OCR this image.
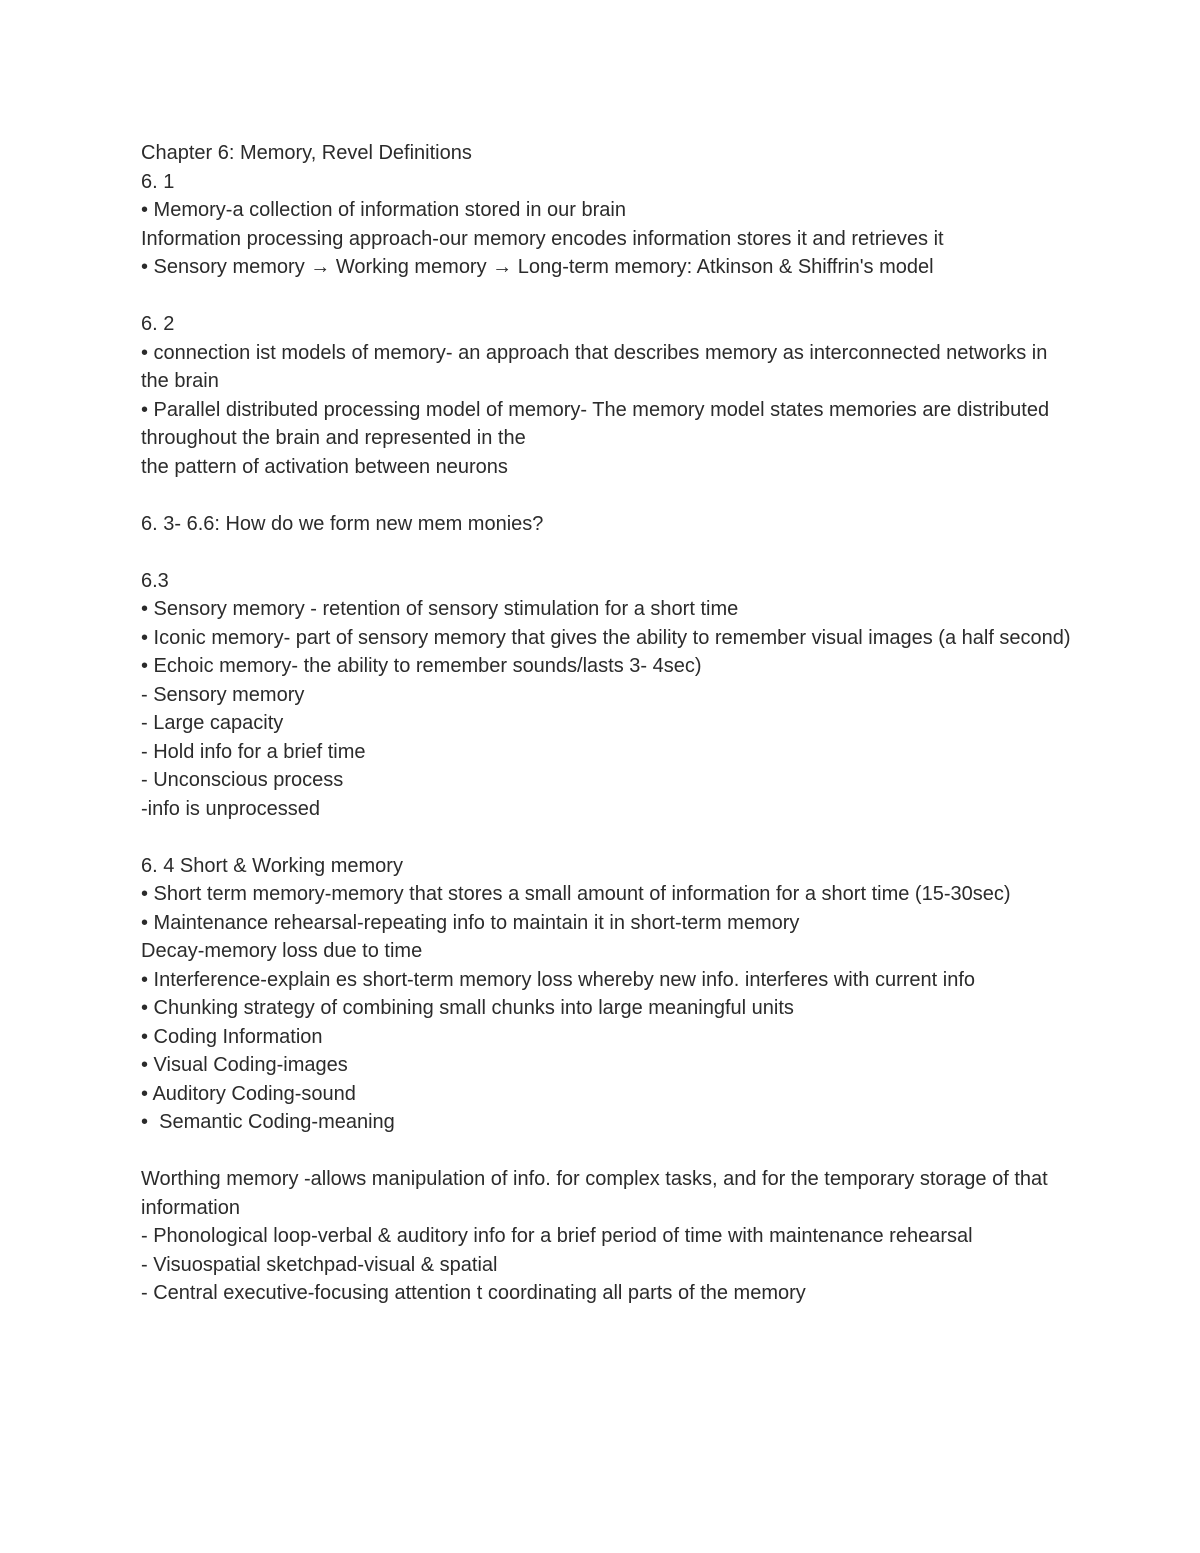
Chapter 6: Memory, Revel Definitions
6. 1
• Memory-a collection of information stored in our brain
Information processing approach-our memory encodes information stores it and retrieves it
• Sensory memory → Working memory → Long-term memory: Atkinson & Shiffrin's model
6. 2
• connection ist models of memory- an approach that describes memory as interconnected networks in the brain
• Parallel distributed processing model of memory- The memory model states memories are distributed throughout the brain and represented in the
the pattern of activation between neurons
6. 3- 6.6: How do we form new mem monies?
6.3
• Sensory memory - retention of sensory stimulation for a short time
• Iconic memory- part of sensory memory that gives the ability to remember visual images (a half second)
• Echoic memory- the ability to remember sounds/lasts 3- 4sec)
- Sensory memory
- Large capacity
- Hold info for a brief time
- Unconscious process
-info is unprocessed
6. 4 Short & Working memory
• Short term memory-memory that stores a small amount of information for a short time (15-30sec)
• Maintenance rehearsal-repeating info to maintain it in short-term memory
Decay-memory loss due to time
• Interference-explain es short-term memory loss whereby new info. interferes with current info
• Chunking strategy of combining small chunks into large meaningful units
• Coding Information
• Visual Coding-images
• Auditory Coding-sound
•  Semantic Coding-meaning
Worthing memory -allows manipulation of info. for complex tasks, and for the temporary storage of that information
- Phonological loop-verbal & auditory info for a brief period of time with maintenance rehearsal
- Visuospatial sketchpad-visual & spatial
- Central executive-focusing attention t coordinating all parts of the memory
